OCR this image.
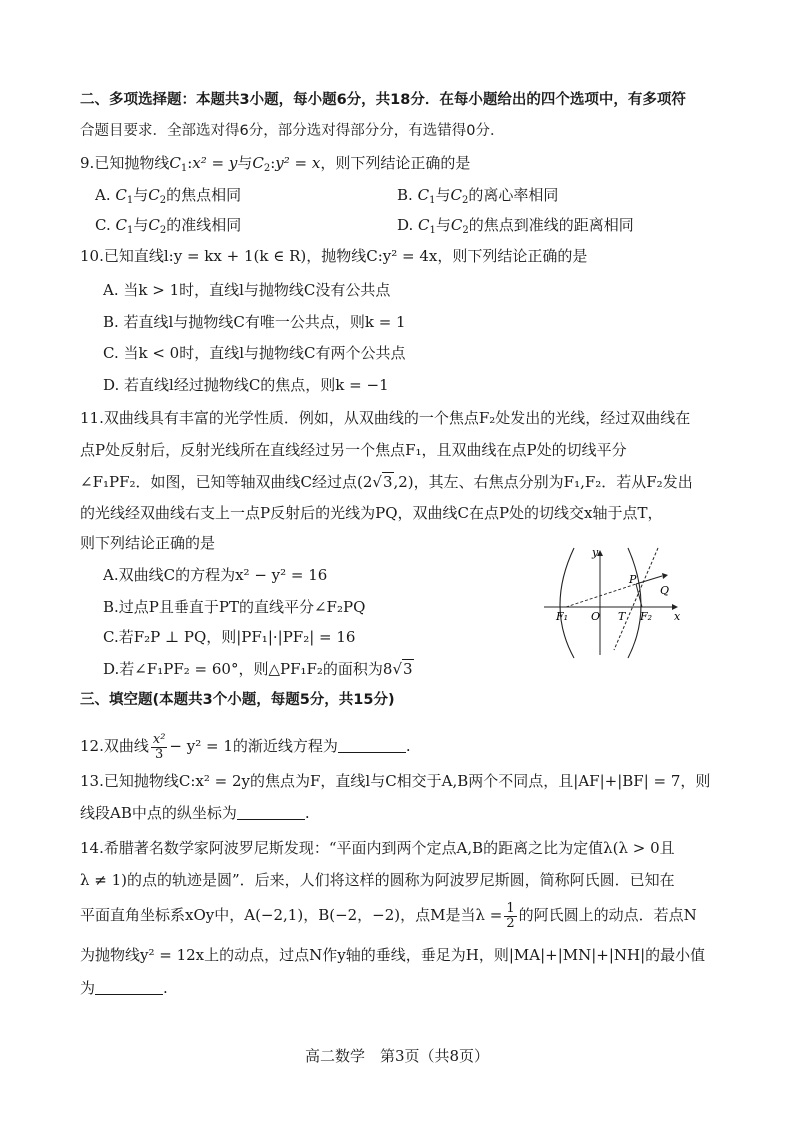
二、多项选择题：本题共3小题，每小题6分，共18分．在每小题给出的四个选项中，有多项符
合题目要求．全部选对得6分，部分选对得部分分，有选错得0分．
9.已知抛物线$C_1:x^2 = y$与$C_2:y^2 = x$，则下列结论正确的是
A. $C_1$与$C_2$的焦点相同	B. $C_1$与$C_2$的离心率相同
C. $C_1$与$C_2$的准线相同	D. $C_1$与$C_2$的焦点到准线的距离相同
10.已知直线l:y = kx + 1(k ∈ R)，抛物线C:y² = 4x，则下列结论正确的是
A. 当k > 1时，直线l与抛物线C没有公共点
B. 若直线l与抛物线C有唯一公共点，则k = 1
C. 当k < 0时，直线l与抛物线C有两个公共点
D. 若直线l经过抛物线C的焦点，则k = −1
11.双曲线具有丰富的光学性质．例如，从双曲线的一个焦点F₂处发出的光线，经过双曲线在
点P处反射后，反射光线所在直线经过另一个焦点F₁，且双曲线在点P处的切线平分
∠F₁PF₂．如图，已知等轴双曲线C经过点(2√3,2)，其左、右焦点分别为F₁,F₂．若从F₂发出
的光线经双曲线右支上一点P反射后的光线为PQ，双曲线C在点P处的切线交x轴于点T，
则下列结论正确的是
A.双曲线C的方程为x² − y² = 16
B.过点P且垂直于PT的直线平分∠F₂PQ
C.若F₂P ⊥ PQ，则|PF₁|·|PF₂| = 16
D.若∠F₁PF₂ = 60°，则△PF₁F₂的面积为8√3
y
x
O
P
Q
T
F₁	F₂
三、填空题(本题共3个小题，每题5分，共15分)
12.双曲线 $\frac{\text{x²}}{3} - y^2 = 1$的渐近线方程为	.
13.已知抛物线C:x² = 2y的焦点为F，直线l与C相交于A,B两个不同点，且|AF|+|BF| = 7，则
线段AB中点的纵坐标为	.
14.希腊著名数学家阿波罗尼斯发现：“平面内到两个定点A,B的距离之比为定值λ(λ > 0且
λ ≠ 1)的点的轨迹是圆”．后来，人们将这样的圆称为阿波罗尼斯圆，简称阿氏圆．已知在
平面直角坐标系xOy中，A(−2,1)，B(−2，−2)，点M是当$\lambda = \frac{1}{2}$ 的阿氏圆上的动点．若点N
为抛物线y² = 12x上的动点，过点N作y轴的垂线，垂足为H，则|MA|+|MN|+|NH|的最小值
为	.
高二数学　第3页（共8页）
